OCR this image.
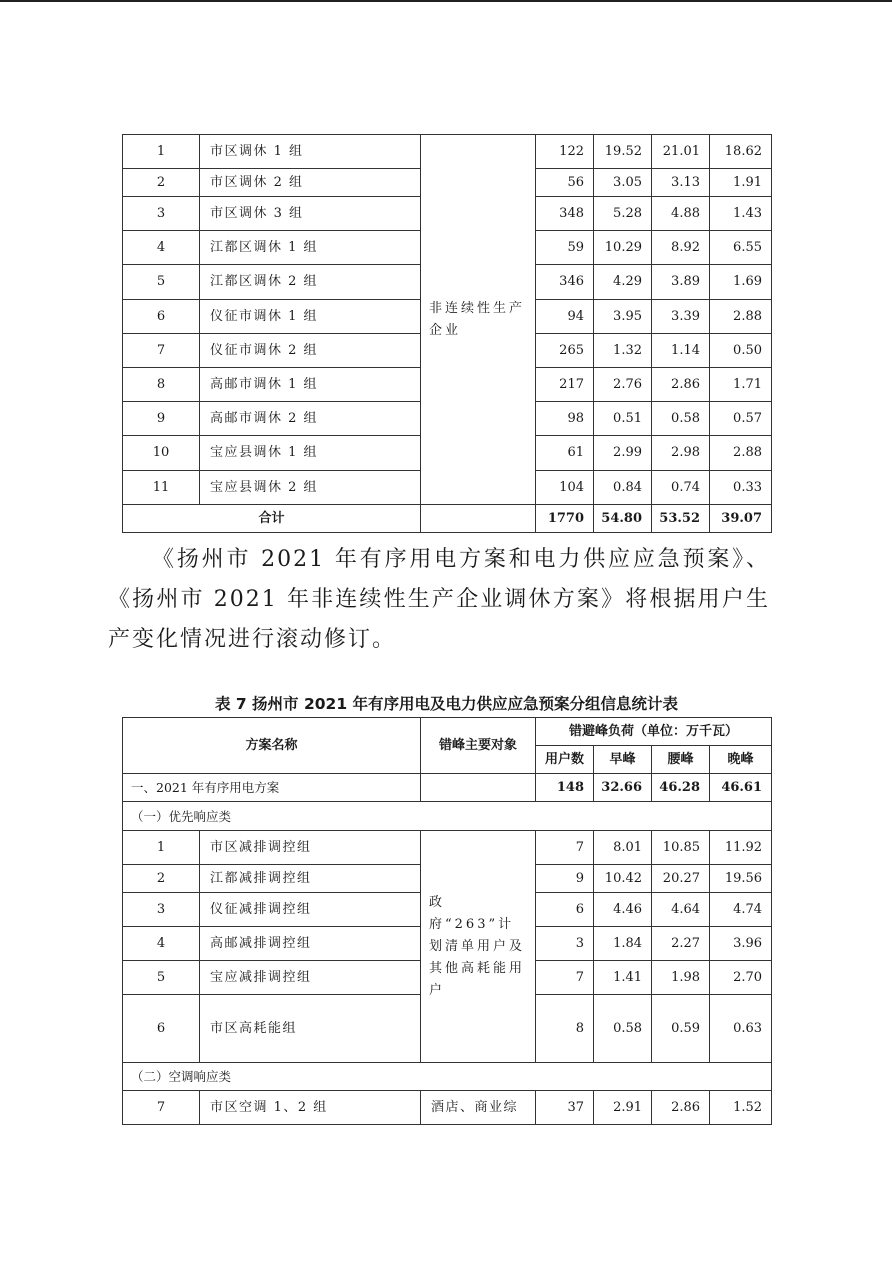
1	市区调休 1 组	非连续性生产企业	122	19.52	21.01	18.62
2	市区调休 2 组		56	3.05	3.13	1.91
3	市区调休 3 组		348	5.28	4.88	1.43
4	江都区调休 1 组		59	10.29	8.92	6.55
5	江都区调休 2 组		346	4.29	3.89	1.69
6	仪征市调休 1 组		94	3.95	3.39	2.88
7	仪征市调休 2 组		265	1.32	1.14	0.50
8	高邮市调休 1 组		217	2.76	2.86	1.71
9	高邮市调休 2 组		98	0.51	0.58	0.57
10	宝应县调休 1 组		61	2.99	2.98	2.88
11	宝应县调休 2 组		104	0.84	0.74	0.33
合计			1770	54.80	53.52	39.07

《扬州市 2021 年有序用电方案和电力供应应急预案》、《扬州市 2021 年非连续性生产企业调休方案》将根据用户生产变化情况进行滚动修订。

表 7 扬州市 2021 年有序用电及电力供应应急预案分组信息统计表
方案名称		错峰主要对象	错避峰负荷（单位：万千瓦）			
			用户数	早峰	腰峰	晚峰
一、2021 年有序用电方案			148	32.66	46.28	46.61
（一）优先响应类						
1	市区减排调控组	政府“263”计划清单用户及其他高耗能用户	7	8.01	10.85	11.92
2	江都减排调控组		9	10.42	20.27	19.56
3	仪征减排调控组		6	4.46	4.64	4.74
4	高邮减排调控组		3	1.84	2.27	3.96
5	宝应减排调控组		7	1.41	1.98	2.70
6	市区高耗能组		8	0.58	0.59	0.63
（二）空调响应类						
7	市区空调 1、2 组	酒店、商业综	37	2.91	2.86	1.52
